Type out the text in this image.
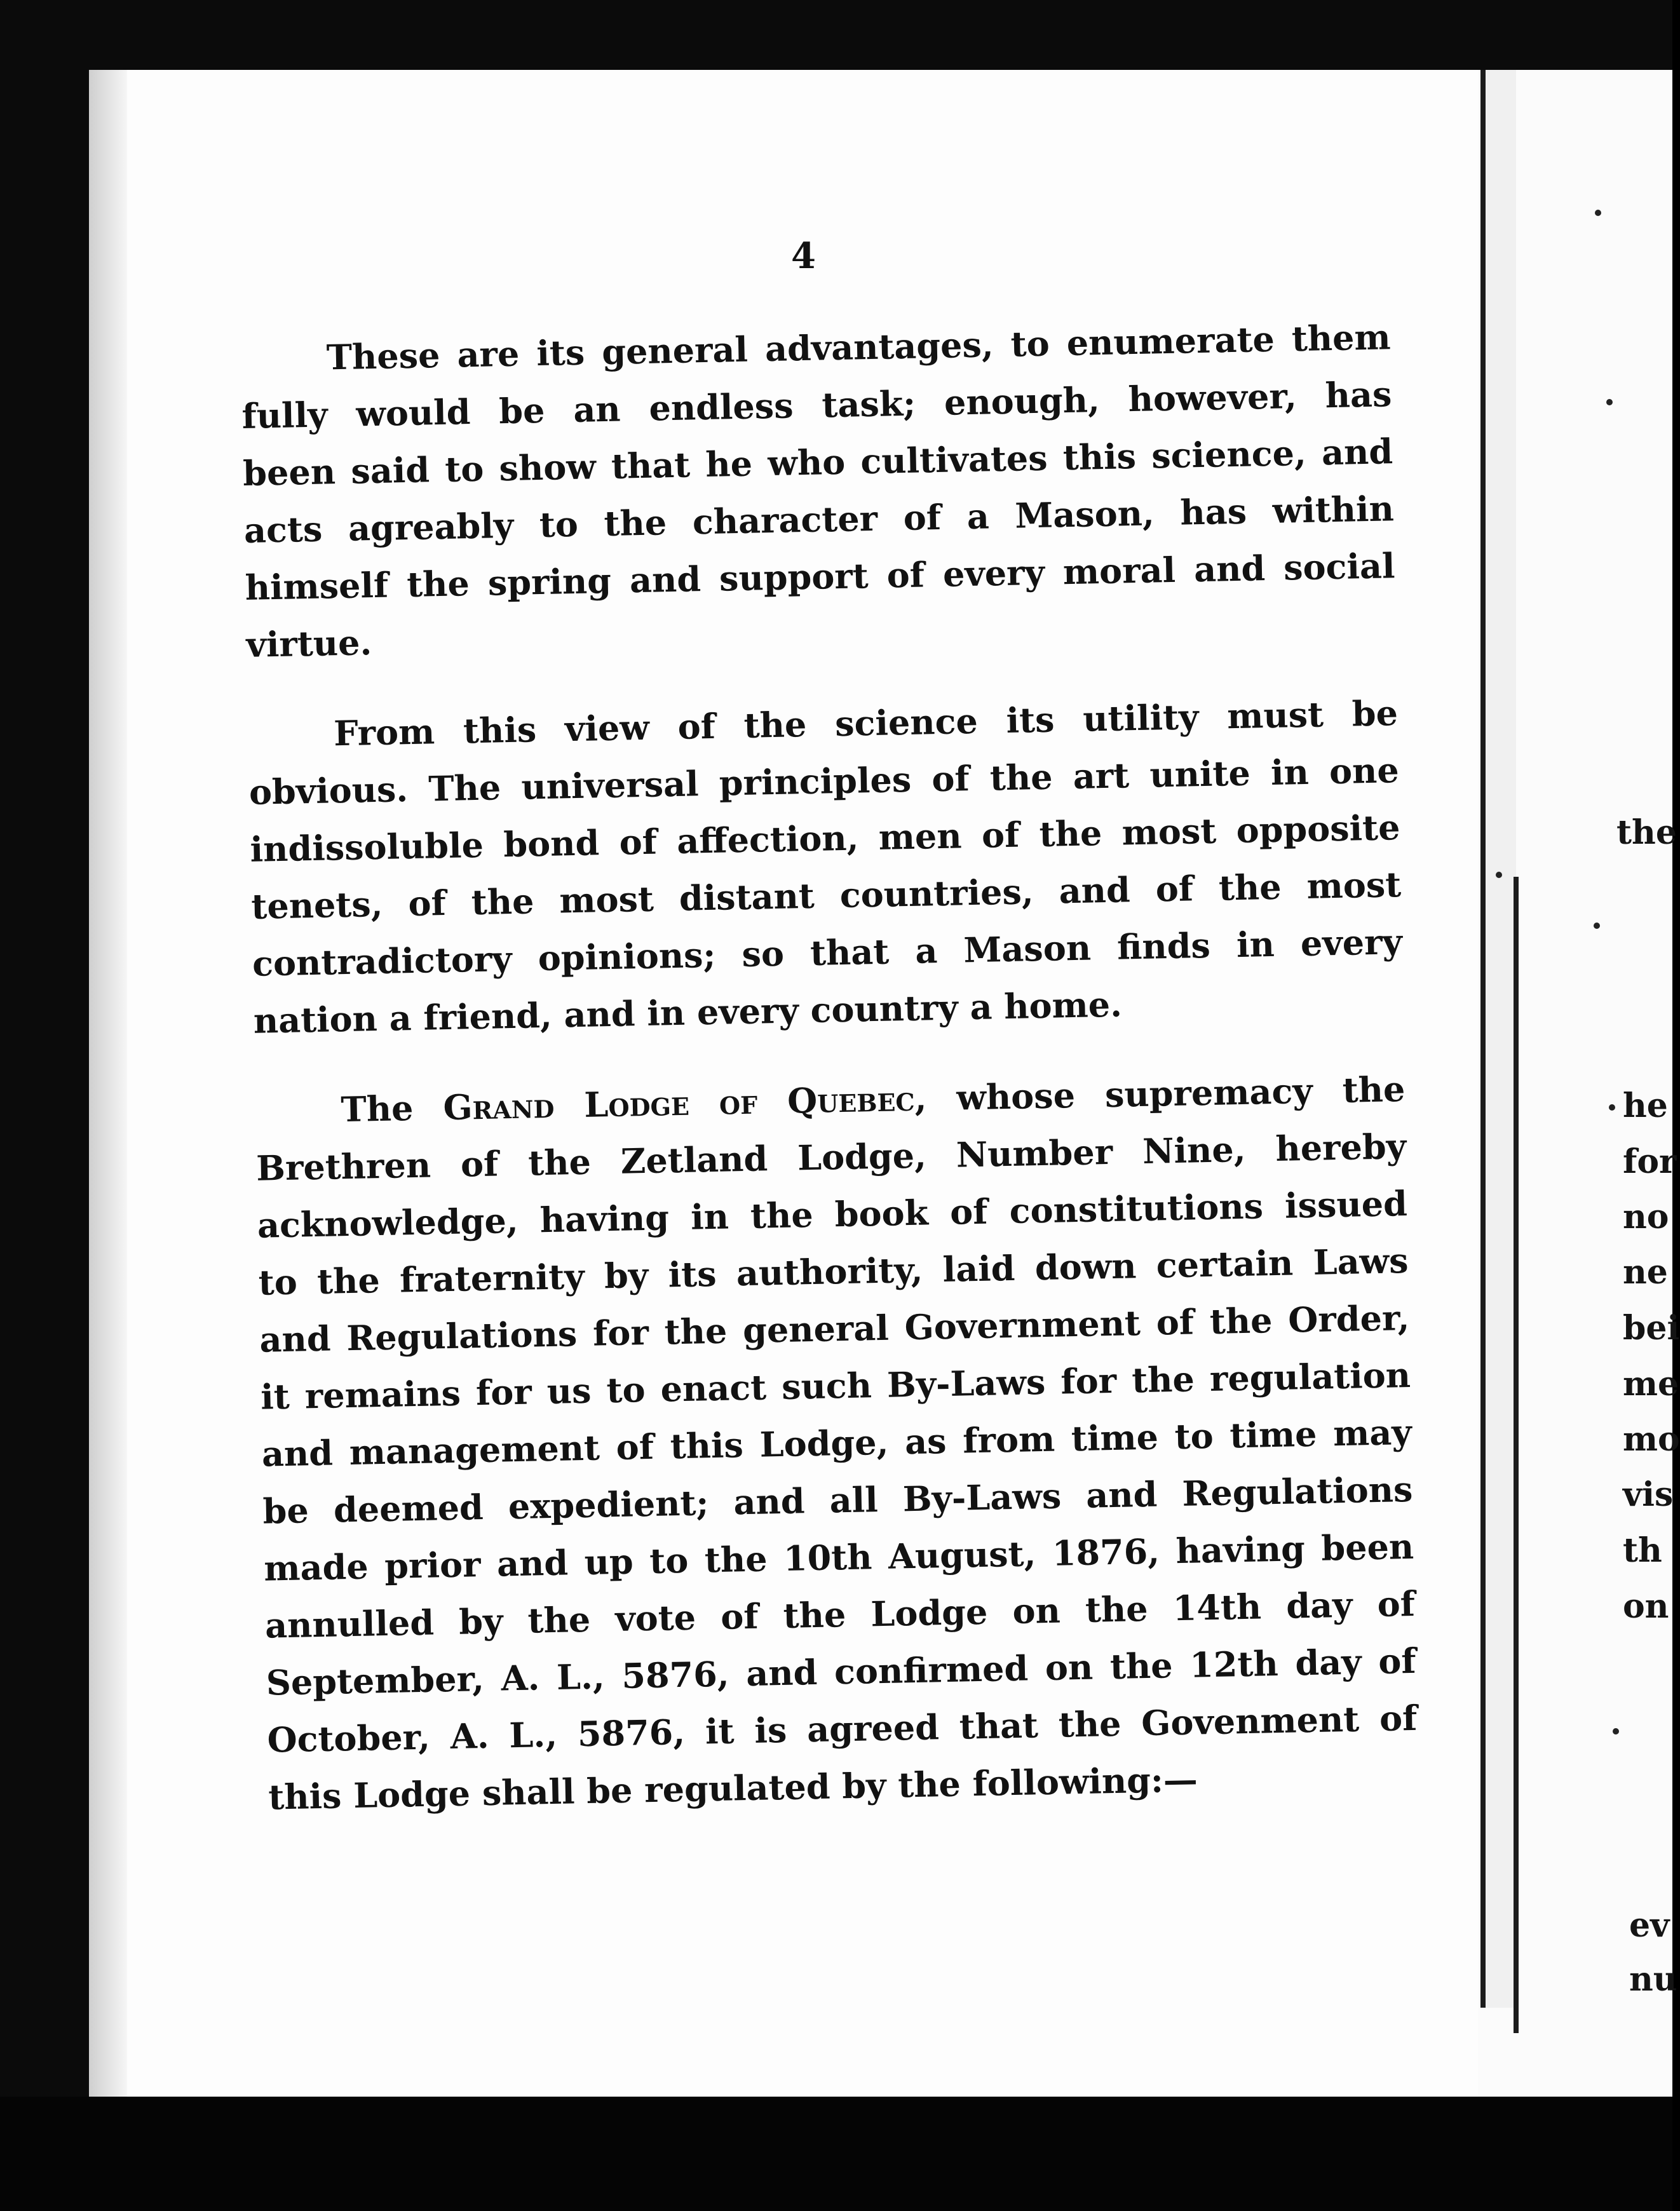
4

These are its general advantages, to enumerate them
fully would be an endless task; enough, however, has
been said to show that he who cultivates this science, and
acts agreably to the character of a Mason, has within
himself the spring and support of every moral and social
virtue.

From this view of the science its utility must be
obvious. The universal principles of the art unite in one
indissoluble bond of affection, men of the most opposite
tenets, of the most distant countries, and of the most
contradictory opinions; so that a Mason finds in every
nation a friend, and in every country a home.

The Grand Lodge of Quebec, whose supremacy the
Brethren of the Zetland Lodge, Number Nine, hereby
acknowledge, having in the book of constitutions issued
to the fraternity by its authority, laid down certain Laws
and Regulations for the general Government of the Order,
it remains for us to enact such By-Laws for the regulation
and management of this Lodge, as from time to time may
be deemed expedient; and all By-Laws and Regulations
made prior and up to the 10th August, 1876, having been
annulled by the vote of the Lodge on the 14th day of
September, A. L., 5876, and confirmed on the 12th day of
October, A. L., 5876, it is agreed that the Govenment of
this Lodge shall be regulated by the following:—

the
he
for
no
ne
bei
me
mo
vis
th
on
ev
nu
